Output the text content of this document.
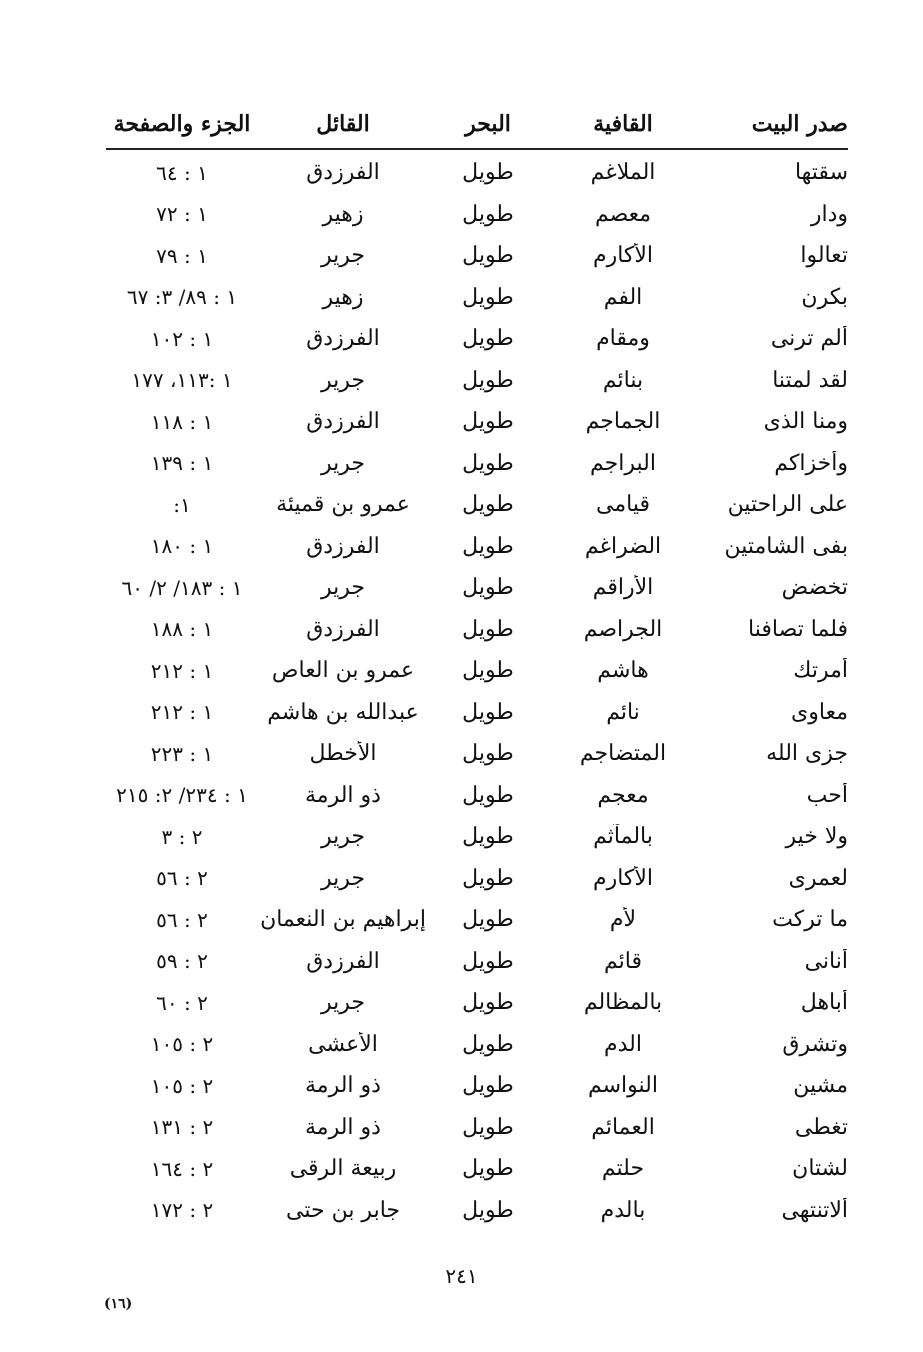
صدر البيت
القافية
البحر
القائل
الجزء والصفحة
سقتها
الملاغم
طويل
الفرزدق
١ : ٦٤
ودار
معصم
طويل
زهير
١ : ٧٢
تعالوا
الأكارم
طويل
جرير
١ : ٧٩
بكرن
الفم
طويل
زهير
١ : ٨٩/ ٣: ٦٧
ألم ترنى
ومقام
طويل
الفرزدق
١ : ١٠٢
لقد لمتنا
بنائم
طويل
جرير
١ :١١٣، ١٧٧
ومنا الذى
الجماجم
طويل
الفرزدق
١ : ١١٨
وأخزاكم
البراجم
طويل
جرير
١ : ١٣٩
على الراحتين
قيامى
طويل
عمرو بن قميئة
١:
بفى الشامتين
الضراغم
طويل
الفرزدق
١ : ١٨٠
تخضض
الأراقم
طويل
جرير
١ : ١٨٣/ ٢/ ٦٠
فلما تصافنا
الجراصم
طويل
الفرزدق
١ : ١٨٨
أمرتك
هاشم
طويل
عمرو بن العاص
١ : ٢١٢
معاوى
نائم
طويل
عبدالله بن هاشم
١ : ٢١٢
جزى الله
المتضاجم
طويل
الأخطل
١ : ٢٢٣
أحب
معجم
طويل
ذو الرمة
١ : ٢٣٤/ ٢: ٢١٥
ولا خير
بالمآثم
طويل
جرير
٢ : ٣
لعمرى
الأكارم
طويل
جرير
٢ : ٥٦
ما تركت
لأم
طويل
إبراهيم بن النعمان
٢ : ٥٦
أنانى
قائم
طويل
الفرزدق
٢ : ٥٩
أباهل
بالمظالم
طويل
جرير
٢ : ٦٠
وتشرق
الدم
طويل
الأعشى
٢ : ١٠٥
مشين
النواسم
طويل
ذو الرمة
٢ : ١٠٥
تغطى
العمائم
طويل
ذو الرمة
٢ : ١٣١
لشتان
حلتم
طويل
ربيعة الرقى
٢ : ١٦٤
ألاتنتهى
بالدم
طويل
جابر بن حتى
٢ : ١٧٢
٢٤١
(١٦)
